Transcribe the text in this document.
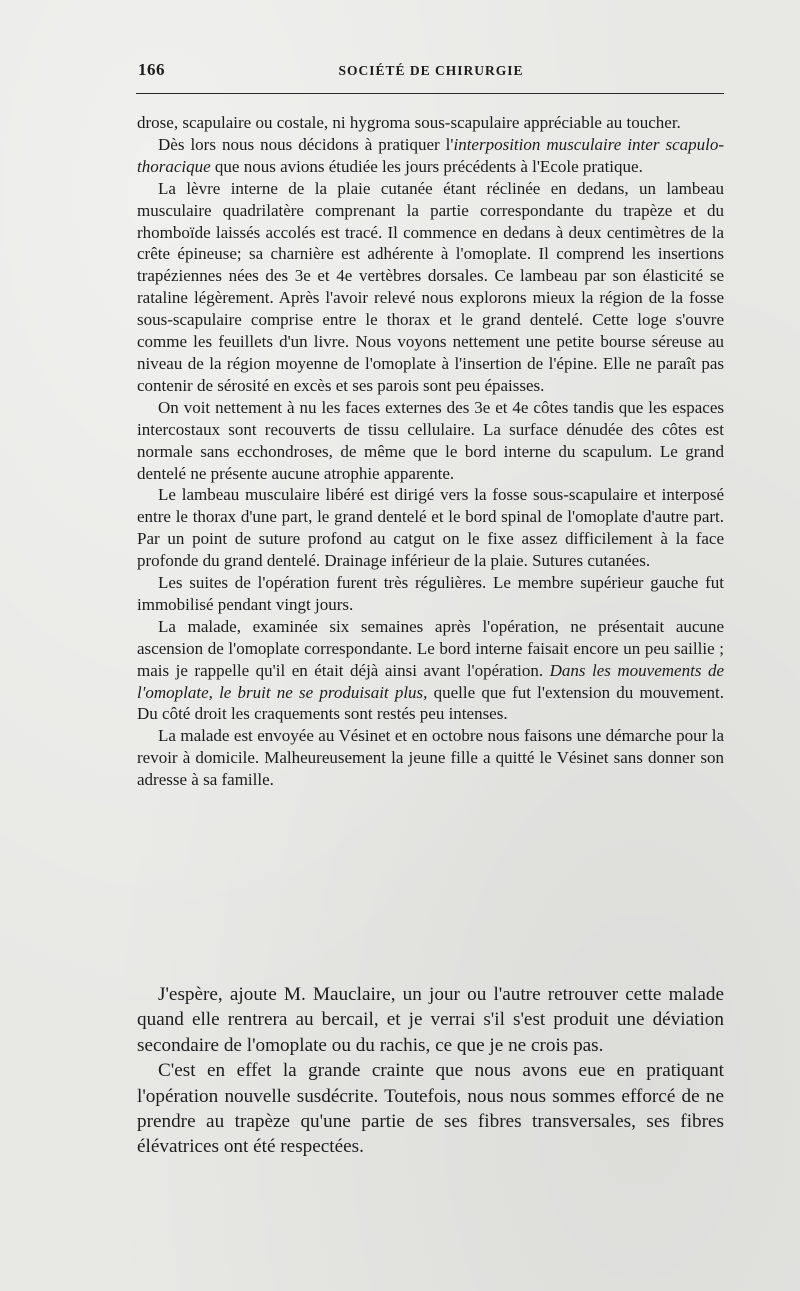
166	SOCIÉTÉ DE CHIRURGIE

drose, scapulaire ou costale, ni hygroma sous-scapulaire appréciable au toucher.

Dès lors nous nous décidons à pratiquer l'interposition musculaire inter scapulo-thoracique que nous avions étudiée les jours précédents à l'Ecole pratique.

La lèvre interne de la plaie cutanée étant réclinée en dedans, un lambeau musculaire quadrilatère comprenant la partie correspondante du trapèze et du rhomboïde laissés accolés est tracé. Il commence en dedans à deux centimètres de la crête épineuse; sa charnière est adhérente à l'omoplate. Il comprend les insertions trapéziennes nées des 3e et 4e vertèbres dorsales. Ce lambeau par son élasticité se rataline légèrement. Après l'avoir relevé nous explorons mieux la région de la fosse sous-scapulaire comprise entre le thorax et le grand dentelé. Cette loge s'ouvre comme les feuillets d'un livre. Nous voyons nettement une petite bourse séreuse au niveau de la région moyenne de l'omoplate à l'insertion de l'épine. Elle ne paraît pas contenir de sérosité en excès et ses parois sont peu épaisses.

On voit nettement à nu les faces externes des 3e et 4e côtes tandis que les espaces intercostaux sont recouverts de tissu cellulaire. La surface dénudée des côtes est normale sans ecchondroses, de même que le bord interne du scapulum. Le grand dentelé ne présente aucune atrophie apparente.

Le lambeau musculaire libéré est dirigé vers la fosse sous-scapulaire et interposé entre le thorax d'une part, le grand dentelé et le bord spinal de l'omoplate d'autre part. Par un point de suture profond au catgut on le fixe assez difficilement à la face profonde du grand dentelé. Drainage inférieur de la plaie. Sutures cutanées.

Les suites de l'opération furent très régulières. Le membre supérieur gauche fut immobilisé pendant vingt jours.

La malade, examinée six semaines après l'opération, ne présentait aucune ascension de l'omoplate correspondante. Le bord interne faisait encore un peu saillie ; mais je rappelle qu'il en était déjà ainsi avant l'opération. Dans les mouvements de l'omoplate, le bruit ne se produisait plus, quelle que fut l'extension du mouvement. Du côté droit les craquements sont restés peu intenses.

La malade est envoyée au Vésinet et en octobre nous faisons une démarche pour la revoir à domicile. Malheureusement la jeune fille a quitté le Vésinet sans donner son adresse à sa famille.

J'espère, ajoute M. Mauclaire, un jour ou l'autre retrouver cette malade quand elle rentrera au bercail, et je verrai s'il s'est produit une déviation secondaire de l'omoplate ou du rachis, ce que je ne crois pas.

C'est en effet la grande crainte que nous avons eue en pratiquant l'opération nouvelle susdécrite. Toutefois, nous nous sommes efforcé de ne prendre au trapèze qu'une partie de ses fibres transversales, ses fibres élévatrices ont été respectées.
